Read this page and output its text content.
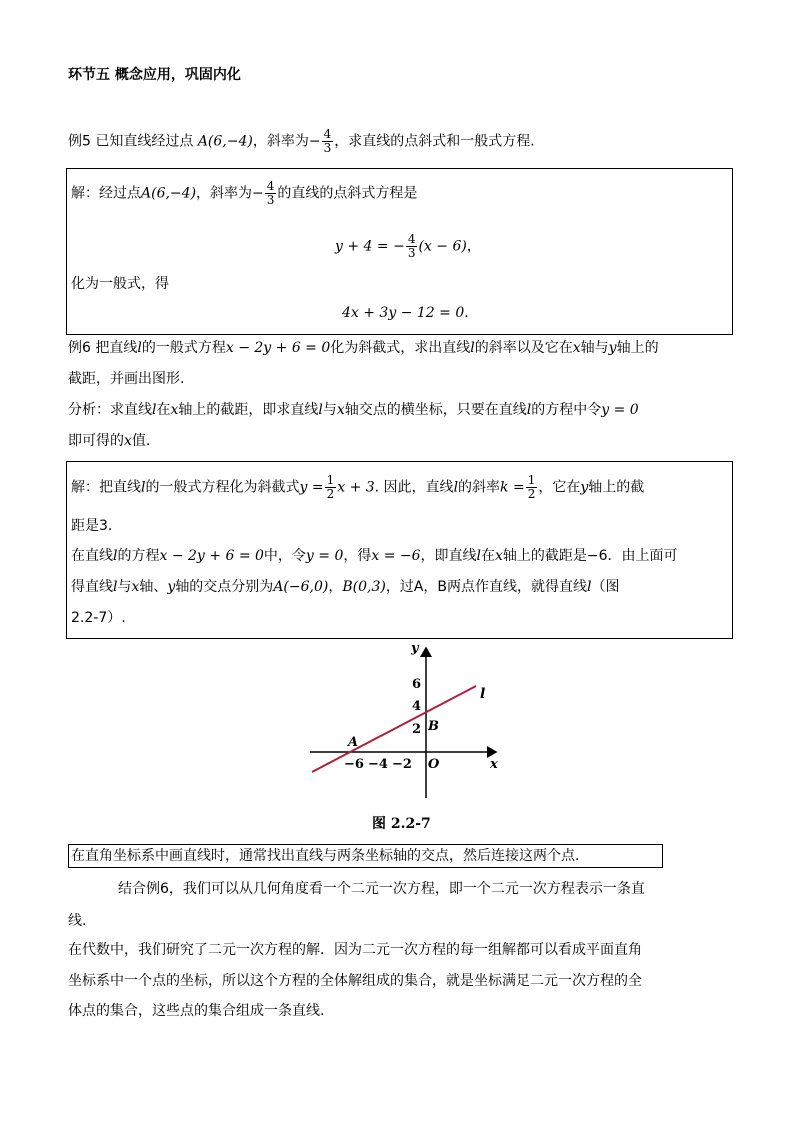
环节五 概念应用，巩固内化
例5 已知直线经过点 A(6,−4)，斜率为− $\frac{4}{3}$ ，求直线的点斜式和一般式方程.
解：经过点A(6,−4)，斜率为− $\frac{4}{3}$ 的直线的点斜式方程是
y + 4 = − $\frac{4}{3} (x - 6)$，
化为一般式，得
4x + 3y − 12 = 0.
例6 把直线l的一般式方程x − 2y + 6 = 0化为斜截式，求出直线l的斜率以及它在x轴与y轴上的
截距，并画出图形.
分析：求直线l在x轴上的截距，即求直线l与x轴交点的横坐标，只要在直线l的方程中令y = 0
即可得的x值.
解：把直线l的一般式方程化为斜截式$y = \frac{1}{2}$ x + 3. 因此，直线l的斜率$k = \frac{1}{2}$ ，它在y轴上的截
距是3.
在直线l的方程x − 2y + 6 = 0中，令y = 0，得x = −6，即直线l在x轴上的截距是−6．由上面可
得直线l与x轴、y轴的交点分别为A(−6,0)，B(0,3)，过A，B两点作直线，就得直线l（图
2.2-7）.
y
x
O
l
A
B
6
4
2
−6 −4 −2
图 2.2-7
在直角坐标系中画直线时，通常找出直线与两条坐标轴的交点，然后连接这两个点.
结合例6，我们可以从几何角度看一个二元一次方程，即一个二元一次方程表示一条直
线.
在代数中，我们研究了二元一次方程的解．因为二元一次方程的每一组解都可以看成平面直角
坐标系中一个点的坐标，所以这个方程的全体解组成的集合，就是坐标满足二元一次方程的全
体点的集合，这些点的集合组成一条直线.
